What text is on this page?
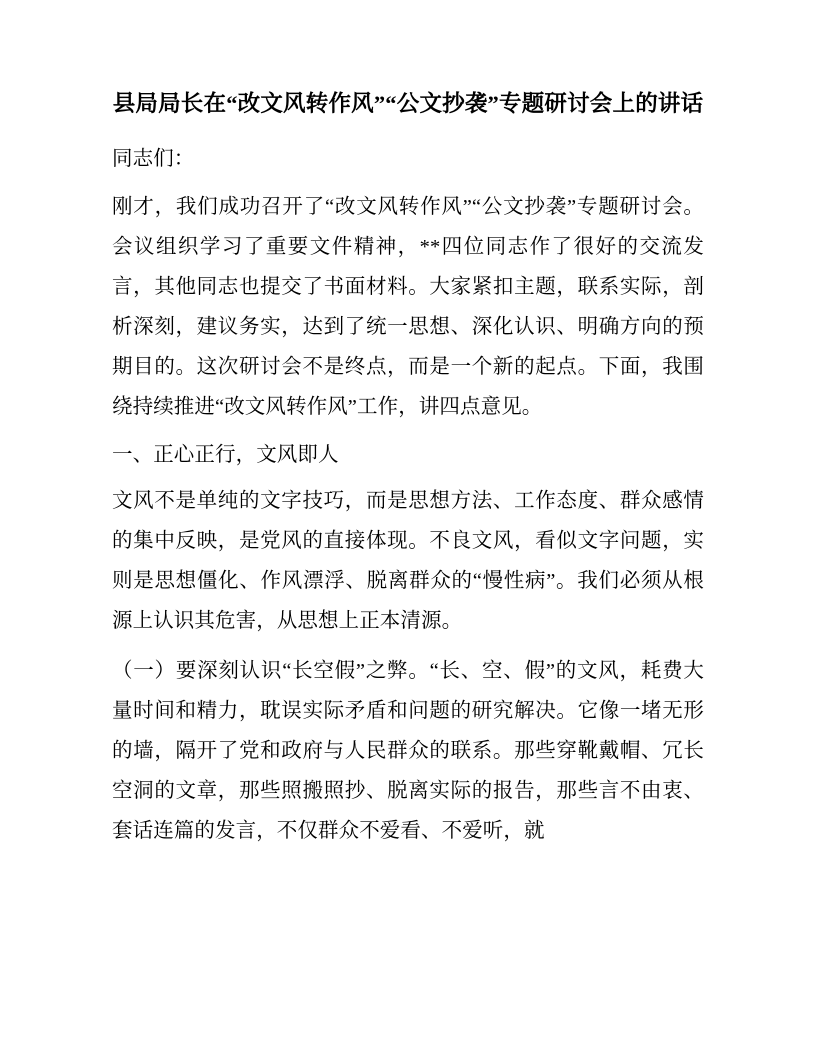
县局局长在“改文风转作风”“公文抄袭”专题研讨会上的讲话

同志们：

刚才，我们成功召开了“改文风转作风”“公文抄袭”专题研讨会。会议组织学习了重要文件精神，**四位同志作了很好的交流发言，其他同志也提交了书面材料。大家紧扣主题，联系实际，剖析深刻，建议务实，达到了统一思想、深化认识、明确方向的预期目的。这次研讨会不是终点，而是一个新的起点。下面，我围绕持续推进“改文风转作风”工作，讲四点意见。

一、正心正行，文风即人

文风不是单纯的文字技巧，而是思想方法、工作态度、群众感情的集中反映，是党风的直接体现。不良文风，看似文字问题，实则是思想僵化、作风漂浮、脱离群众的“慢性病”。我们必须从根源上认识其危害，从思想上正本清源。

（一）要深刻认识“长空假”之弊。“长、空、假”的文风，耗费大量时间和精力，耽误实际矛盾和问题的研究解决。它像一堵无形的墙，隔开了党和政府与人民群众的联系。那些穿靴戴帽、冗长空洞的文章，那些照搬照抄、脱离实际的报告，那些言不由衷、套话连篇的发言，不仅群众不爱看、不爱听，就
